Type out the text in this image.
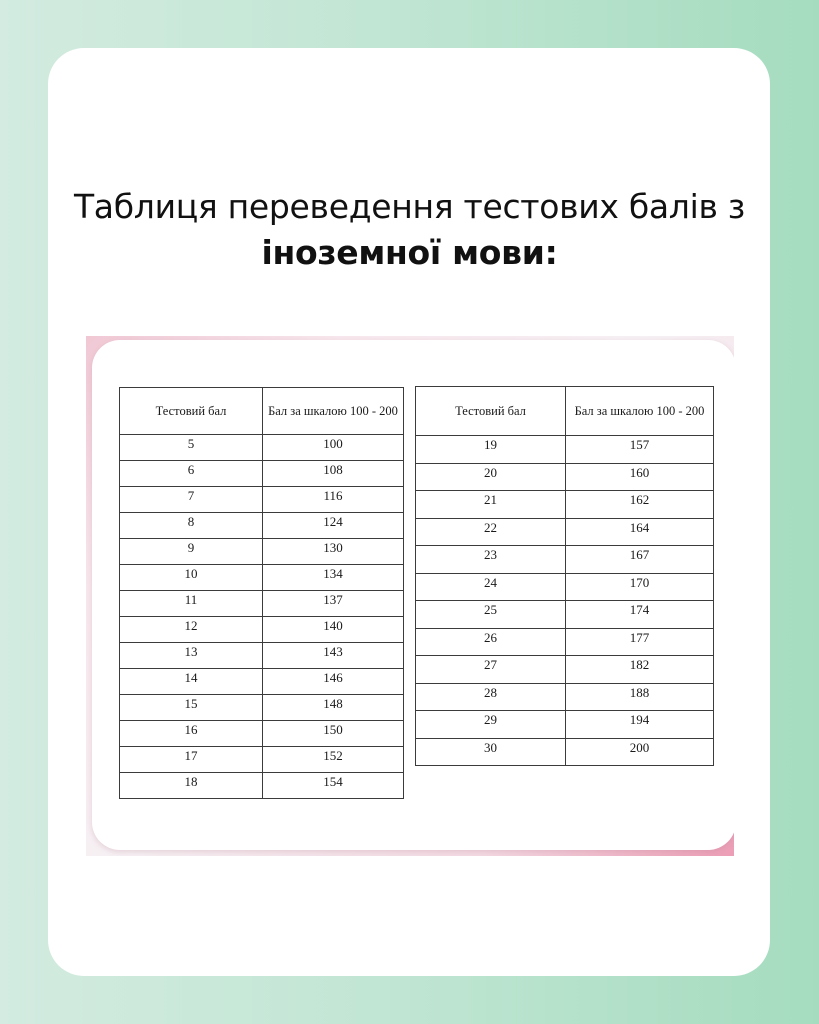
Таблиця переведення тестових балів з іноземної мови:
Тестовий бал	Бал за шкалою 100 - 200
5	100
6	108
7	116
8	124
9	130
10	134
11	137
12	140
13	143
14	146
15	148
16	150
17	152
18	154
Тестовий бал	Бал за шкалою 100 - 200
19	157
20	160
21	162
22	164
23	167
24	170
25	174
26	177
27	182
28	188
29	194
30	200
